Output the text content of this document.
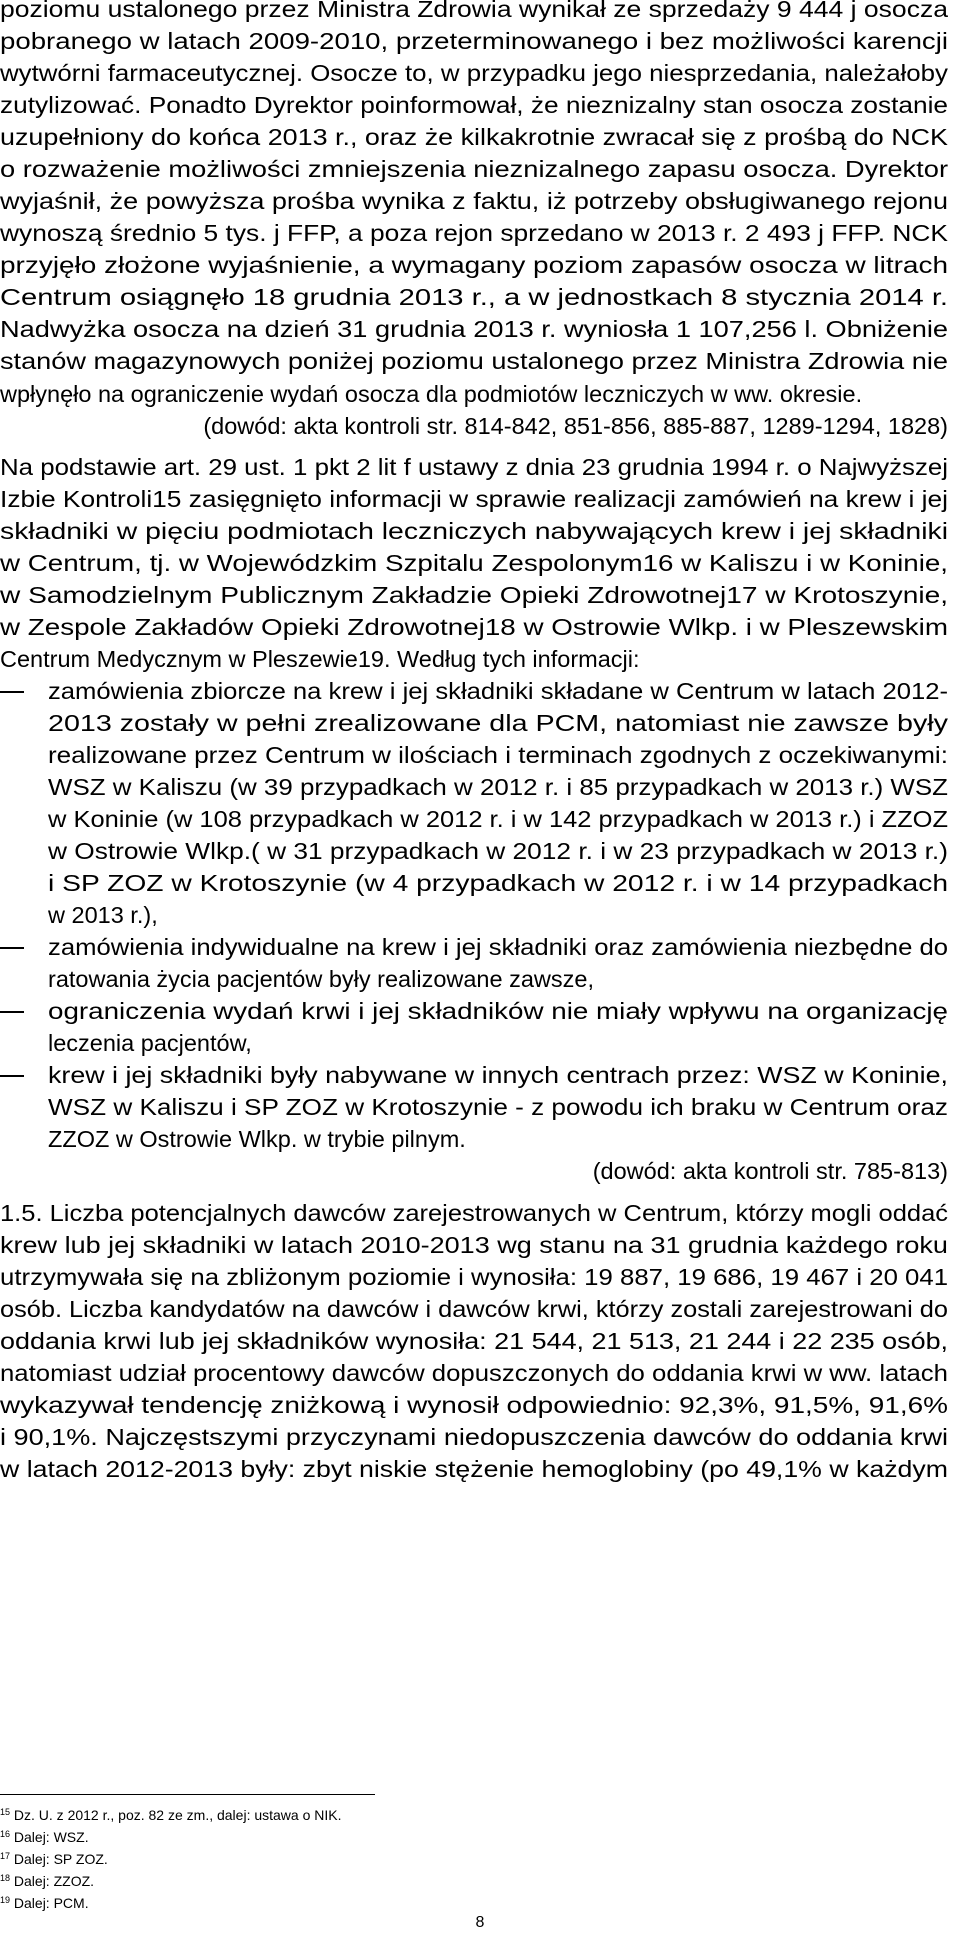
poziomu ustalonego przez Ministra Zdrowia wynikał ze sprzedaży 9 444 j osocza
pobranego w latach 2009-2010, przeterminowanego i bez możliwości karencji
wytwórni farmaceutycznej. Osocze to, w przypadku jego niesprzedania, należałoby
zutylizować. Ponadto Dyrektor poinformował, że nieznizalny stan osocza zostanie
uzupełniony do końca 2013 r., oraz że kilkakrotnie zwracał się z prośbą do NCK
o rozważenie możliwości zmniejszenia nieznizalnego zapasu osocza. Dyrektor
wyjaśnił, że powyższa prośba wynika z faktu, iż potrzeby obsługiwanego rejonu
wynoszą średnio 5 tys. j FFP, a poza rejon sprzedano w 2013 r. 2 493 j FFP. NCK
przyjęło złożone wyjaśnienie, a wymagany poziom zapasów osocza w litrach
Centrum osiągnęło 18 grudnia 2013 r., a w jednostkach 8 stycznia 2014 r.
Nadwyżka osocza na dzień 31 grudnia 2013 r. wyniosła 1 107,256 l. Obniżenie
stanów magazynowych poniżej poziomu ustalonego przez Ministra Zdrowia nie
wpłynęło na ograniczenie wydań osocza dla podmiotów leczniczych w ww. okresie.
(dowód: akta kontroli str. 814-842, 851-856, 885-887, 1289-1294, 1828)
Na podstawie art. 29 ust. 1 pkt 2 lit f ustawy z dnia 23 grudnia 1994 r. o Najwyższej
Izbie Kontroli15 zasięgnięto informacji w sprawie realizacji zamówień na krew i jej
składniki w pięciu podmiotach leczniczych nabywających krew i jej składniki
w Centrum, tj. w Wojewódzkim Szpitalu Zespolonym16 w Kaliszu i w Koninie,
w Samodzielnym Publicznym Zakładzie Opieki Zdrowotnej17 w Krotoszynie,
w Zespole Zakładów Opieki Zdrowotnej18 w Ostrowie Wlkp. i w Pleszewskim
Centrum Medycznym w Pleszewie19. Według tych informacji:
zamówienia zbiorcze na krew i jej składniki składane w Centrum w latach 2012-
2013 zostały w pełni zrealizowane dla PCM, natomiast nie zawsze były
realizowane przez Centrum w ilościach i terminach zgodnych z oczekiwanymi:
WSZ w Kaliszu (w 39 przypadkach w 2012 r. i 85 przypadkach w 2013 r.) WSZ
w Koninie (w 108 przypadkach w 2012 r. i w 142 przypadkach w 2013 r.) i ZZOZ
w Ostrowie Wlkp.( w 31 przypadkach w 2012 r. i w 23 przypadkach w 2013 r.)
i SP ZOZ w Krotoszynie (w 4 przypadkach w 2012 r. i w 14 przypadkach
w 2013 r.),
zamówienia indywidualne na krew i jej składniki oraz zamówienia niezbędne do
ratowania życia pacjentów były realizowane zawsze,
ograniczenia wydań krwi i jej składników nie miały wpływu na organizację
leczenia pacjentów,
krew i jej składniki były nabywane w innych centrach przez: WSZ w Koninie,
WSZ w Kaliszu i SP ZOZ w Krotoszynie - z powodu ich braku w Centrum oraz
ZZOZ w Ostrowie Wlkp. w trybie pilnym.
(dowód: akta kontroli str. 785-813)
1.5. Liczba potencjalnych dawców zarejestrowanych w Centrum, którzy mogli oddać
krew lub jej składniki w latach 2010-2013 wg stanu na 31 grudnia każdego roku
utrzymywała się na zbliżonym poziomie i wynosiła: 19 887, 19 686, 19 467 i 20 041
osób. Liczba kandydatów na dawców i dawców krwi, którzy zostali zarejestrowani do
oddania krwi lub jej składników wynosiła: 21 544, 21 513, 21 244 i 22 235 osób,
natomiast udział procentowy dawców dopuszczonych do oddania krwi w ww. latach
wykazywał tendencję zniżkową i wynosił odpowiednio: 92,3%, 91,5%, 91,6%
i 90,1%. Najczęstszymi przyczynami niedopuszczenia dawców do oddania krwi
w latach 2012-2013 były: zbyt niskie stężenie hemoglobiny (po 49,1% w każdym
$^{15}$ Dz. U. z 2012 r., poz. 82 ze zm., dalej: ustawa o NIK.
$^{16}$ Dalej: WSZ.
$^{17}$ Dalej: SP ZOZ.
$^{18}$ Dalej: ZZOZ.
$^{19}$ Dalej: PCM.
8
